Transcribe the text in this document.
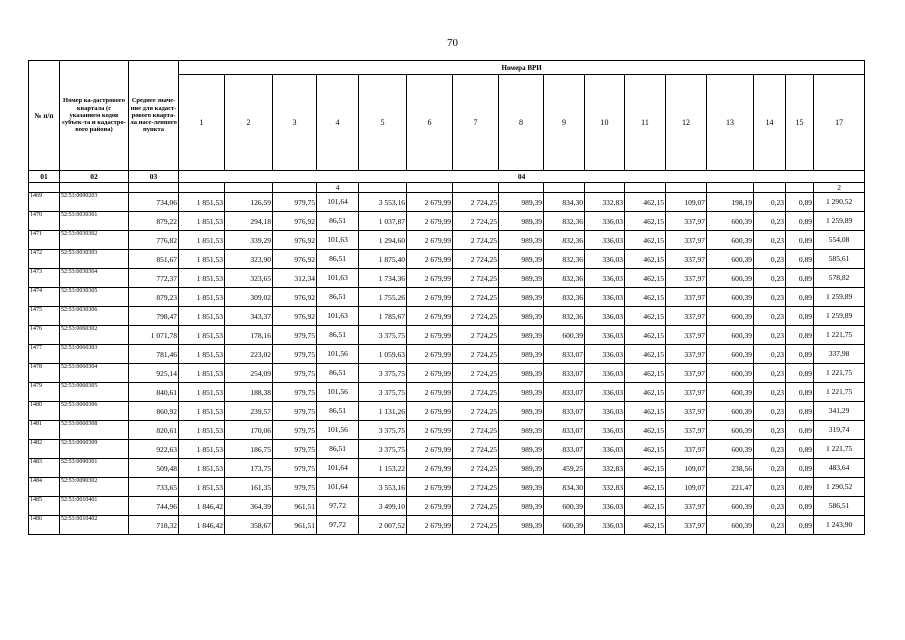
70
№ п/п	Номер ка-дастрового квартала (с указанием кодов субъек-та и кадастро-вого района)	Среднее значе-ние для кадаст-рового кварта-ла насе-ленного пункта	Номера ВРИ															
			1	2	3	4	5	6	7	8	9	10	11	12	13	14	15	17
01	02	03	04															
						4												2
1469	52:53:0090203	734,06	1 851,53	126,59	979,75	101,64	3 553,16	2 679,99	2 724,25	989,39	834,30	332,83	462,15	109,07	198,19	0,23	0,89	1 290,52
1470	52:53:0030301	879,22	1 851,53	294,18	976,92	86,51	1 037,87	2 679,99	2 724,25	989,39	832,36	336,03	462,15	337,97	600,39	0,23	0,89	1 259,89
1471	52:53:0030302	776,82	1 851,53	339,29	976,92	101,63	1 294,60	2 679,99	2 724,25	989,39	832,36	336,03	462,15	337,97	600,39	0,23	0,89	554,08
1472	52:53:0030303	851,67	1 851,53	323,90	976,92	86,51	1 875,40	2 679,99	2 724,25	989,39	832,36	336,03	462,15	337,97	600,39	0,23	0,89	585,61
1473	52:53:0030304	772,37	1 851,53	323,65	312,34	101,63	1 734,36	2 679,99	2 724,25	989,39	832,36	336,03	462,15	337,97	600,39	0,23	0,89	578,82
1474	52:53:0030305	879,23	1 851,53	309,02	976,92	86,51	1 755,26	2 679,99	2 724,25	989,39	832,36	336,03	462,15	337,97	600,39	0,23	0,89	1 259,89
1475	52:53:0030306	798,47	1 851,53	343,37	976,92	101,63	1 785,67	2 679,99	2 724,25	989,39	832,36	336,03	462,15	337,97	600,39	0,23	0,89	1 259,89
1476	52:53:0060302	1 071,78	1 851,53	178,16	979,75	86,51	3 375,75	2 679,99	2 724,25	989,39	600,39	336,03	462,15	337,97	600,39	0,23	0,89	1 221,75
1477	52:53:0060303	781,46	1 851,53	223,02	979,75	101,56	1 059,63	2 679,99	2 724,25	989,39	833,07	336,03	462,15	337,97	600,39	0,23	0,89	337,98
1478	52:53:0060304	925,14	1 851,53	254,09	979,75	86,51	3 375,75	2 679,99	2 724,25	989,39	833,07	336,03	462,15	337,97	600,39	0,23	0,89	1 221,75
1479	52:53:0060305	840,61	1 851,53	188,38	979,75	101,56	3 375,75	2 679,99	2 724,25	989,39	833,07	336,03	462,15	337,97	600,39	0,23	0,89	1 221,75
1480	52:53:0060306	860,92	1 851,53	239,57	979,75	86,51	1 131,26	2 679,99	2 724,25	989,39	833,07	336,03	462,15	337,97	600,39	0,23	0,89	341,29
1481	52:53:0060308	820,61	1 851,53	170,06	979,75	101,56	3 375,75	2 679,99	2 724,25	989,39	833,07	336,03	462,15	337,97	600,39	0,23	0,89	319,74
1482	52:53:0060309	922,63	1 851,53	186,75	979,75	86,51	3 375,75	2 679,99	2 724,25	989,39	833,07	336,03	462,15	337,97	600,39	0,23	0,89	1 221,75
1483	52:53:0090301	509,48	1 851,53	173,75	979,75	101,64	1 153,22	2 679,99	2 724,25	989,39	459,25	332,83	462,15	109,07	238,56	0,23	0,89	483,64
1484	52:53:0090302	733,65	1 851,53	161,35	979,75	101,64	3 553,16	2 679,99	2 724,25	989,39	834,30	332,83	462,15	109,07	221,47	0,23	0,89	1 290,52
1485	52:53:0010401	744,96	1 846,42	364,39	961,51	97,72	3 499,10	2 679,99	2 724,25	989,39	600,39	336,03	462,15	337,97	600,39	0,23	0,89	586,51
1486	52:53:0010402	718,32	1 846,42	358,67	961,51	97,72	2 007,52	2 679,99	2 724,25	989,39	600,39	336,03	462,15	337,97	600,39	0,23	0,89	1 243,90
